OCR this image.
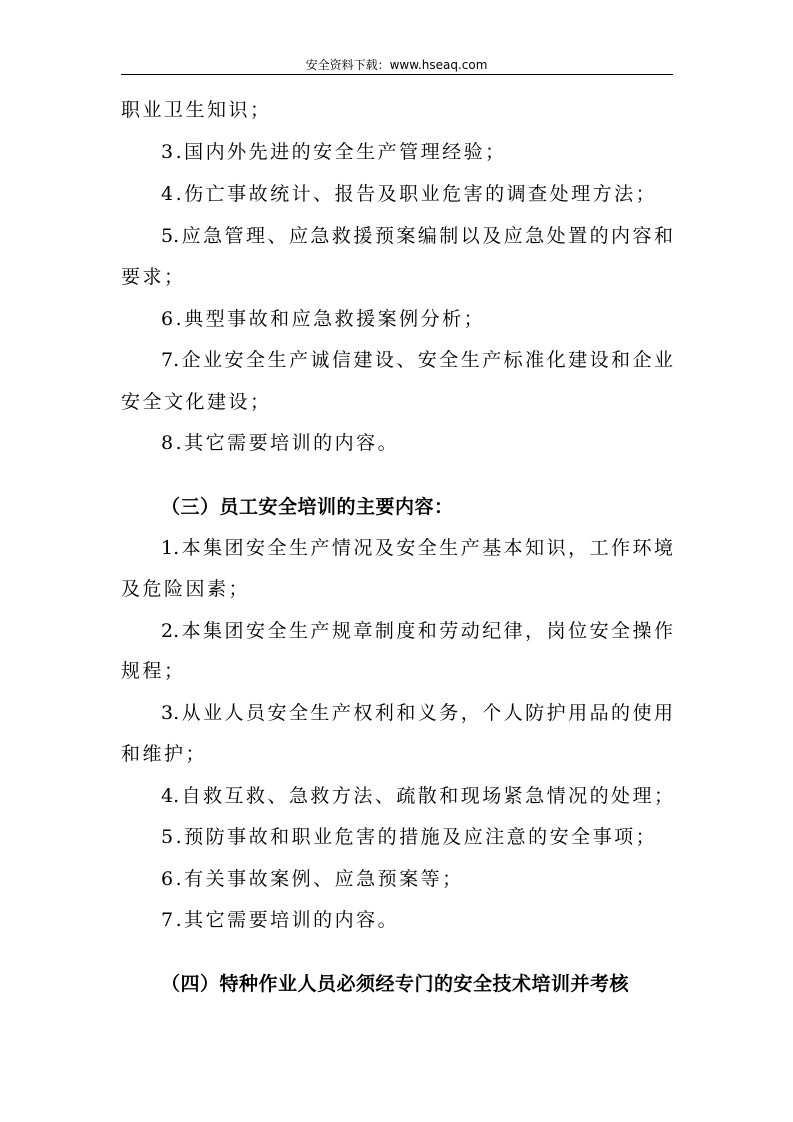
安全资料下载：www.hseaq.com
职业卫生知识；
3.国内外先进的安全生产管理经验；
4.伤亡事故统计、报告及职业危害的调查处理方法；
5.应急管理、应急救援预案编制以及应急处置的内容和
要求；
6.典型事故和应急救援案例分析；
7.企业安全生产诚信建设、安全生产标准化建设和企业
安全文化建设；
8.其它需要培训的内容。
（三）员工安全培训的主要内容：
1.本集团安全生产情况及安全生产基本知识，工作环境
及危险因素；
2.本集团安全生产规章制度和劳动纪律，岗位安全操作
规程；
3.从业人员安全生产权利和义务，个人防护用品的使用
和维护；
4.自救互救、急救方法、疏散和现场紧急情况的处理；
5.预防事故和职业危害的措施及应注意的安全事项；
6.有关事故案例、应急预案等；
7.其它需要培训的内容。
（四）特种作业人员必须经专门的安全技术培训并考核
